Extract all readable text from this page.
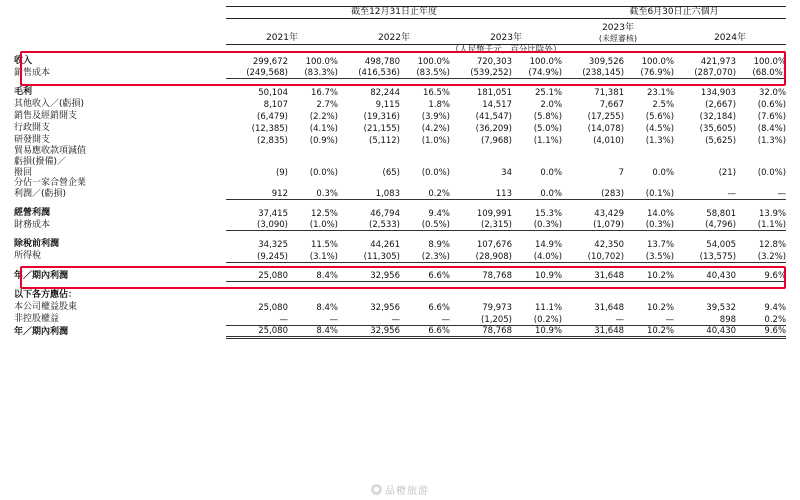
	截至12月31日止年度						截至6月30日止六個月			

	2021年		2022年		2023年		2023年
(未經審核)		2024年	

	（人民幣千元，百分比除外）									
收入	299,672	100.0%	498,780	100.0%	720,303	100.0%	309,526	100.0%	421,973	100.0%
銷售成本	(249,568)	(83.3%)	(416,536)	(83.5%)	(539,252)	(74.9%)	(238,145)	(76.9%)	(287,070)	(68.0%)

毛利	50,104	16.7%	82,244	16.5%	181,051	25.1%	71,381	23.1%	134,903	32.0%
其他收入／(虧損)	8,107	2.7%	9,115	1.8%	14,517	2.0%	7,667	2.5%	(2,667)	(0.6%)
銷售及經銷開支	(6,479)	(2.2%)	(19,316)	(3.9%)	(41,547)	(5.8%)	(17,255)	(5.6%)	(32,184)	(7.6%)
行政開支	(12,385)	(4.1%)	(21,155)	(4.2%)	(36,209)	(5.0%)	(14,078)	(4.5%)	(35,605)	(8.4%)
研發開支	(2,835)	(0.9%)	(5,112)	(1.0%)	(7,968)	(1.1%)	(4,010)	(1.3%)	(5,625)	(1.3%)
貿易應收款項減值
虧損(撥備)／
撥回	(9)	(0.0%)	(65)	(0.0%)	34	0.0%	7	0.0%	(21)	(0.0%)
分佔一家合營企業
利潤／(虧損)	912	0.3%	1,083	0.2%	113	0.0%	(283)	(0.1%)	—	—

經營利潤	37,415	12.5%	46,794	9.4%	109,991	15.3%	43,429	14.0%	58,801	13.9%
財務成本	(3,090)	(1.0%)	(2,533)	(0.5%)	(2,315)	(0.3%)	(1,079)	(0.3%)	(4,796)	(1.1%)

除稅前利潤	34,325	11.5%	44,261	8.9%	107,676	14.9%	42,350	13.7%	54,005	12.8%
所得稅	(9,245)	(3.1%)	(11,305)	(2.3%)	(28,908)	(4.0%)	(10,702)	(3.5%)	(13,575)	(3.2%)

年／期內利潤	25,080	8.4%	32,956	6.6%	78,768	10.9%	31,648	10.2%	40,430	9.6%

以下各方應佔：										
本公司權益股東	25,080	8.4%	32,956	6.6%	79,973	11.1%	31,648	10.2%	39,532	9.4%
非控股權益	—	—	—	—	(1,205)	(0.2%)	—	—	898	0.2%
年／期內利潤	25,080	8.4%	32,956	6.6%	78,768	10.9%	31,648	10.2%	40,430	9.6%
品橙旅游
